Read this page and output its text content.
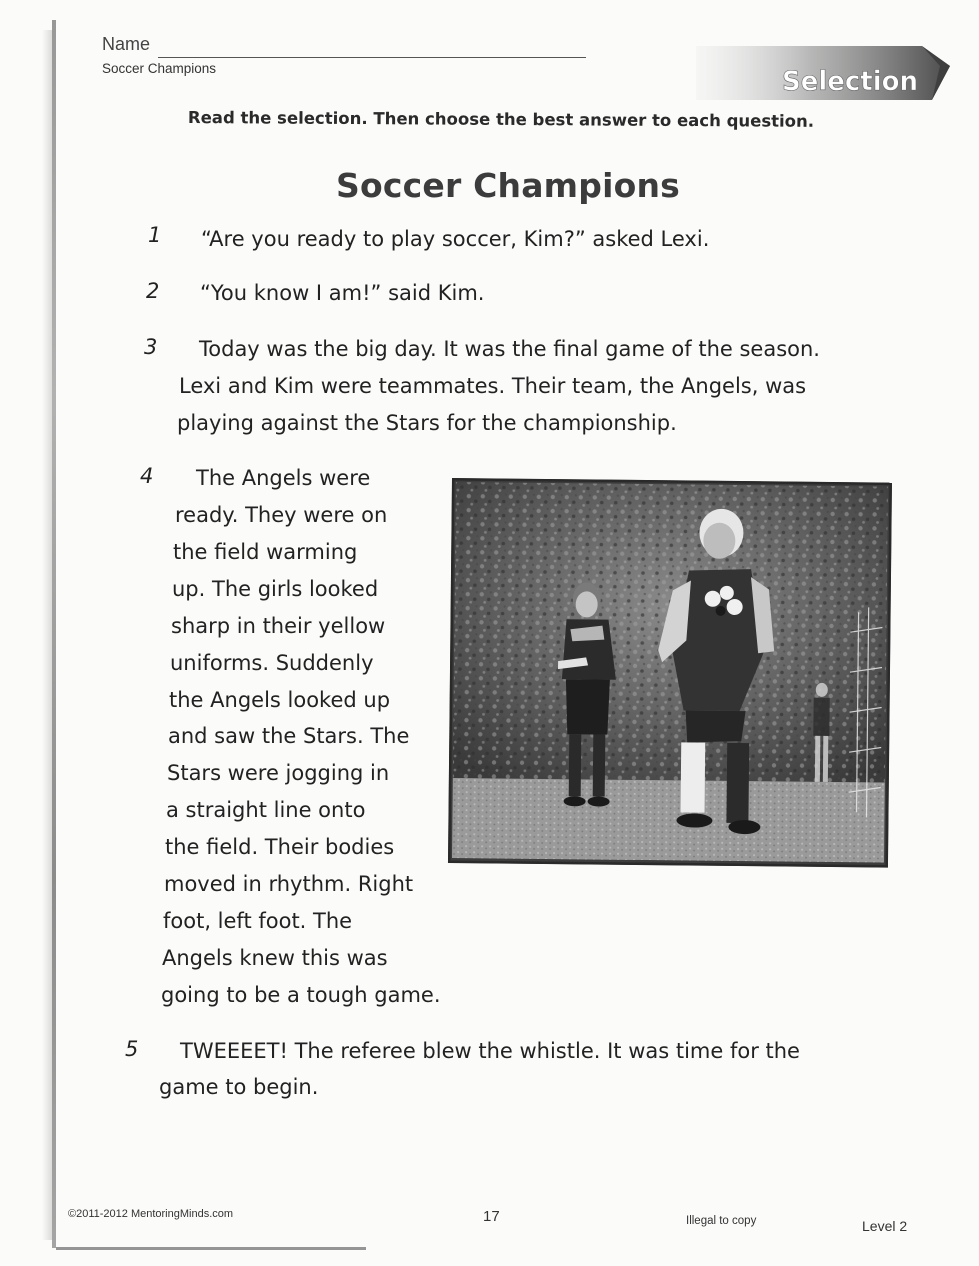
Name
Soccer Champions	Selection
Read the selection. Then choose the best answer to each question.
Soccer Champions
1 “Are you ready to play soccer, Kim?” asked Lexi.
2 “You know I am!” said Kim.
3 Today was the big day. It was the final game of the season.
Lexi and Kim were teammates. Their team, the Angels, was
playing against the Stars for the championship.
4 The Angels were
ready. They were on
the field warming
up. The girls looked
sharp in their yellow
uniforms. Suddenly
the Angels looked up
and saw the Stars. The
Stars were jogging in
a straight line onto
the field. Their bodies
moved in rhythm. Right
foot, left foot. The
Angels knew this was
going to be a tough game.
5 TWEEEET! The referee blew the whistle. It was time for the
game to begin.
©2011-2012 MentoringMinds.com	17	Illegal to copy	Level 2
